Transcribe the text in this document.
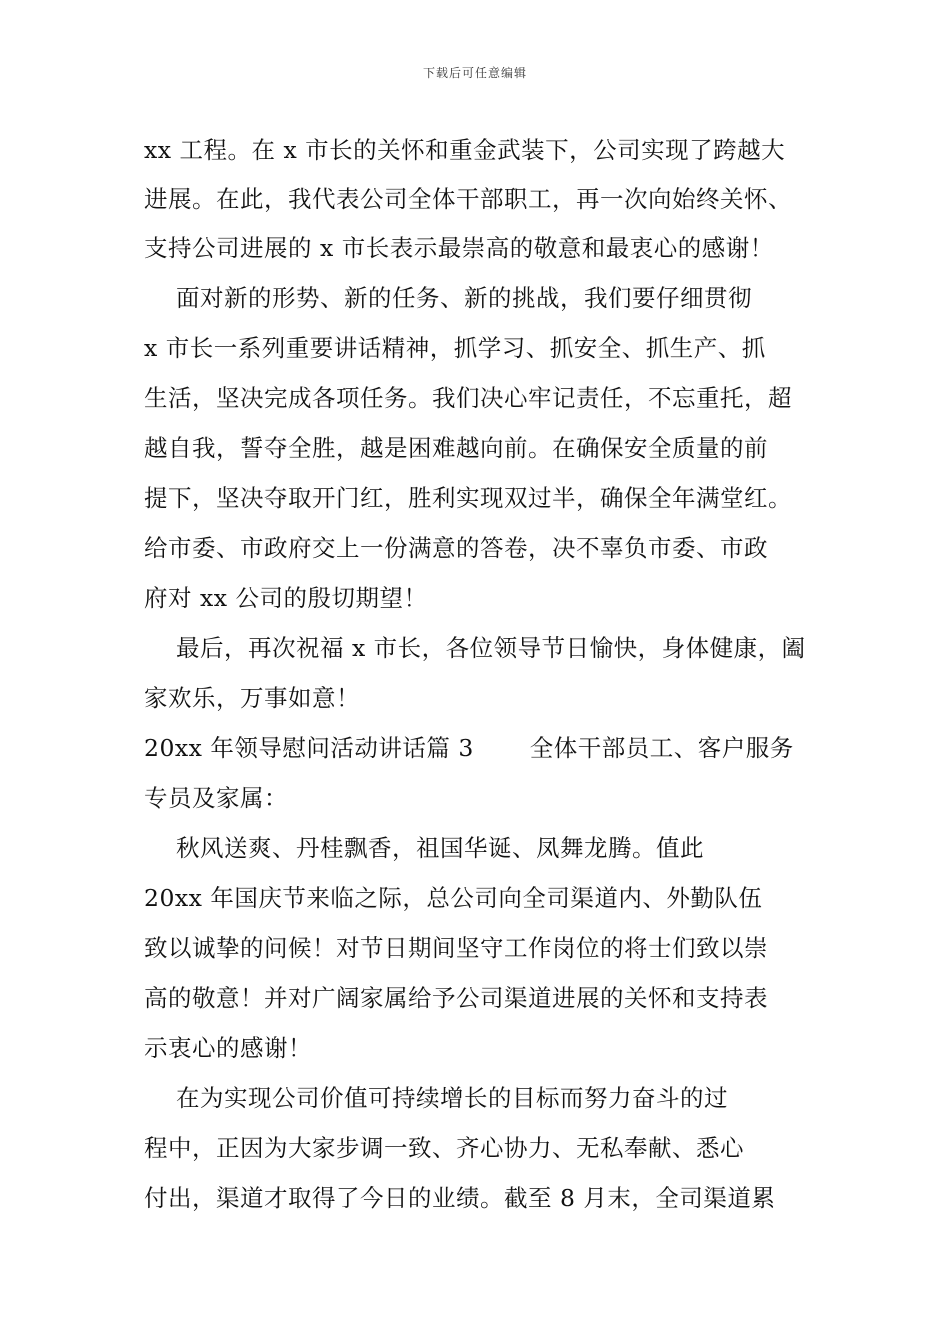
下载后可任意编辑
xx 工程。在 x 市长的关怀和重金武装下，公司实现了跨越大
进展。在此，我代表公司全体干部职工，再一次向始终关怀、
支持公司进展的 x 市长表示最崇高的敬意和最衷心的感谢！
　 面对新的形势、新的任务、新的挑战，我们要仔细贯彻
x 市长一系列重要讲话精神，抓学习、抓安全、抓生产、抓
生活，坚决完成各项任务。我们决心牢记责任，不忘重托，超
越自我，誓夺全胜，越是困难越向前。在确保安全质量的前
提下，坚决夺取开门红，胜利实现双过半，确保全年满堂红。
给市委、市政府交上一份满意的答卷，决不辜负市委、市政
府对 xx 公司的殷切期望！
　 最后，再次祝福 x 市长，各位领导节日愉快，身体健康，阖
家欢乐，万事如意！
20xx 年领导慰问活动讲话篇 3　　 全体干部员工、客户服务
专员及家属：
　 秋风送爽、丹桂飘香，祖国华诞、凤舞龙腾。值此
20xx 年国庆节来临之际，总公司向全司渠道内、外勤队伍
致以诚挚的问候！对节日期间坚守工作岗位的将士们致以崇
高的敬意！并对广阔家属给予公司渠道进展的关怀和支持表
示衷心的感谢！
　 在为实现公司价值可持续增长的目标而努力奋斗的过
程中，正因为大家步调一致、齐心协力、无私奉献、悉心
付出，渠道才取得了今日的业绩。截至 8 月末，全司渠道累
